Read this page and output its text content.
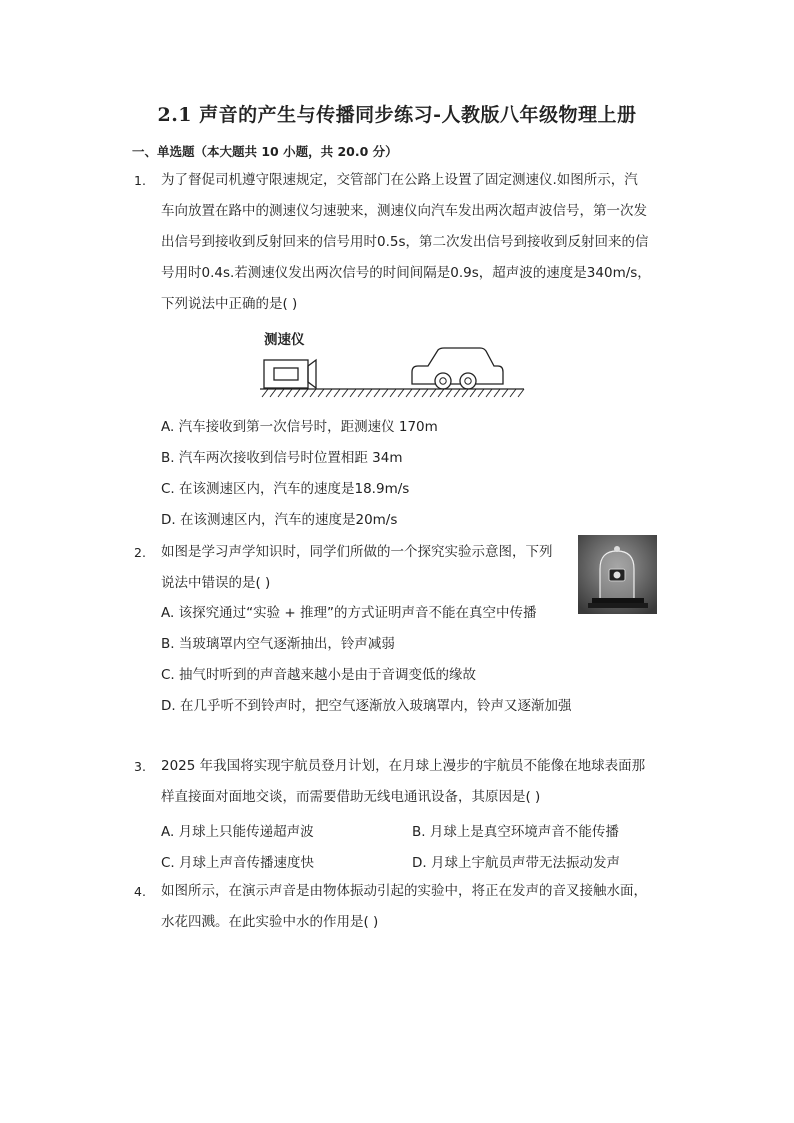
2.1 声音的产生与传播同步练习-人教版八年级物理上册
一、单选题（本大题共 10 小题，共 20.0 分）
1. 为了督促司机遵守限速规定，交管部门在公路上设置了固定测速仪.如图所示，汽
车向放置在路中的测速仪匀速驶来，测速仪向汽车发出两次超声波信号，第一次发
出信号到接收到反射回来的信号用时0.5s，第二次发出信号到接收到反射回来的信
号用时0.4s.若测速仪发出两次信号的时间间隔是0.9s，超声波的速度是340m/s，
下列说法中正确的是( )
测速仪
A. 汽车接收到第一次信号时，距测速仪 170m
B. 汽车两次接收到信号时位置相距 34m
C. 在该测速区内，汽车的速度是18.9m/s
D. 在该测速区内，汽车的速度是20m/s
2. 如图是学习声学知识时，同学们所做的一个探究实验示意图，下列
说法中错误的是( )
A. 该探究通过“实验 + 推理”的方式证明声音不能在真空中传播
B. 当玻璃罩内空气逐渐抽出，铃声减弱
C. 抽气时听到的声音越来越小是由于音调变低的缘故
D. 在几乎听不到铃声时，把空气逐渐放入玻璃罩内，铃声又逐渐加强
3. 2025 年我国将实现宇航员登月计划，在月球上漫步的宇航员不能像在地球表面那
样直接面对面地交谈，而需要借助无线电通讯设备，其原因是( )
A. 月球上只能传递超声波	B. 月球上是真空环境声音不能传播
C. 月球上声音传播速度快	D. 月球上宇航员声带无法振动发声
4. 如图所示，在演示声音是由物体振动引起的实验中，将正在发声的音叉接触水面，
水花四溅。在此实验中水的作用是( )
